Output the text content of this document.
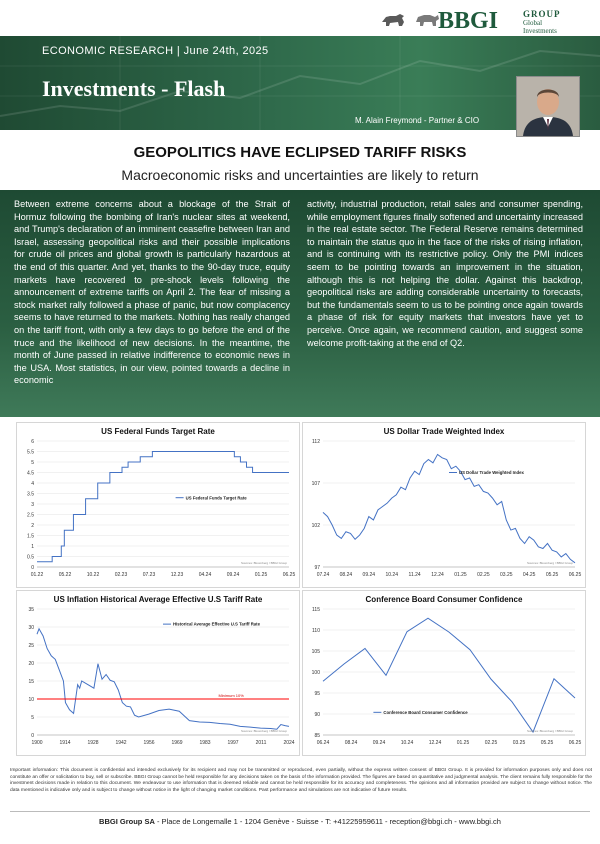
BBGI	GROUP
Global
Investments
ECONOMIC RESEARCH | June 24th, 2025
Investments - Flash
M. Alain Freymond - Partner & CIO
GEOPOLITICS HAVE ECLIPSED TARIFF RISKS
Macroeconomic risks and uncertainties are likely to return
Between extreme concerns about a blockage of the Strait of Hormuz following the bombing of Iran's nuclear sites at weekend, and Trump's declaration of an imminent ceasefire between Iran and Israel, assessing geopolitical risks and their possible implications for crude oil prices and global growth is particularly hazardous at the end of this quarter. And yet, thanks to the 90-day truce, equity markets have recovered to pre-shock levels following the announcement of extreme tariffs on April 2. The fear of missing a stock market rally followed a phase of panic, but now complacency seems to have returned to the markets. Nothing has really changed on the tariff front, with only a few days to go before the end of the truce and the likelihood of new decisions. In the meantime, the month of June passed in relative indifference to economic news in the USA. Most statistics, in our view, pointed towards a decline in economic
activity, industrial production, retail sales and consumer spending, while employment figures finally softened and uncertainty increased in the real estate sector. The Federal Reserve remains determined to maintain the status quo in the face of the risks of rising inflation, and is continuing with its restrictive policy. Only the PMI indices seem to be pointing towards an improvement in the situation, although this is not helping the dollar. Against this backdrop, geopolitical risks are adding considerable uncertainty to forecasts, but the fundamentals seem to us to be pointing once again towards a phase of risk for equity markets that investors have yet to perceive. Once again, we recommend caution, and suggest some welcome profit-taking at the end of Q2.
US Federal Funds Target Rate
0
0.5
1
1.5
2
2.5
3
3.5
4
4.5
5
5.5
6
01.22	05.22	10.22	02.23	07.23	12.23	04.24	09.24	01.25	06.25
US Federal Funds Target Rate
Sources: Bloomberg / BBGI Group
US Dollar Trade Weighted Index
97
102
107
112
07.24 08.24 09.24 10.24 11.24 12.24 01.25 02.25 03.25 04.25 05.25 06.25
US Dollar Trade Weighted Index
Sources: Bloomberg / BBGI Group
US Inflation Historical Average Effective U.S Tariff Rate
0
5
10
15
20
25
30
35
1900	1914	1928	1942	1956	1969	1983	1997	2011	2024
Minimum 10%
Historical Average Effective U.S Tariff Rate
Sources: Bloomberg / BBGI Group
Conference Board Consumer Confidence
85
90
95
100
105
110
115
06.24	08.24	09.24	10.24	12.24	01.25	02.25	03.25	05.25	06.25
Conference Board Consumer Confidence
Sources: Bloomberg / BBGI Group
Important information: This document is confidential and intended exclusively for its recipient and may not be transmitted or reproduced, even partially, without the express written consent of BBGI Group. It is provided for information purposes only and does not constitute an offer or solicitation to buy, sell or subscribe. BBGI Group cannot be held responsible for any decisions taken on the basis of the information provided. The figures are based on quantitative and judgmental analysis. The client remains fully responsible for the investment decisions made in relation to this document. We endeavour to use information that is deemed reliable and cannot be held responsible for its accuracy and completeness. The opinions and all information provided are subject to change without notice. The data mentioned is indicative only and is subject to change without notice in the light of changing market conditions. Past performance and simulations are not indicative of future results.
BBGI Group SA - Place de Longemalle 1 - 1204 Genève - Suisse - T: +41225959611 - reception@bbgi.ch - www.bbgi.ch
